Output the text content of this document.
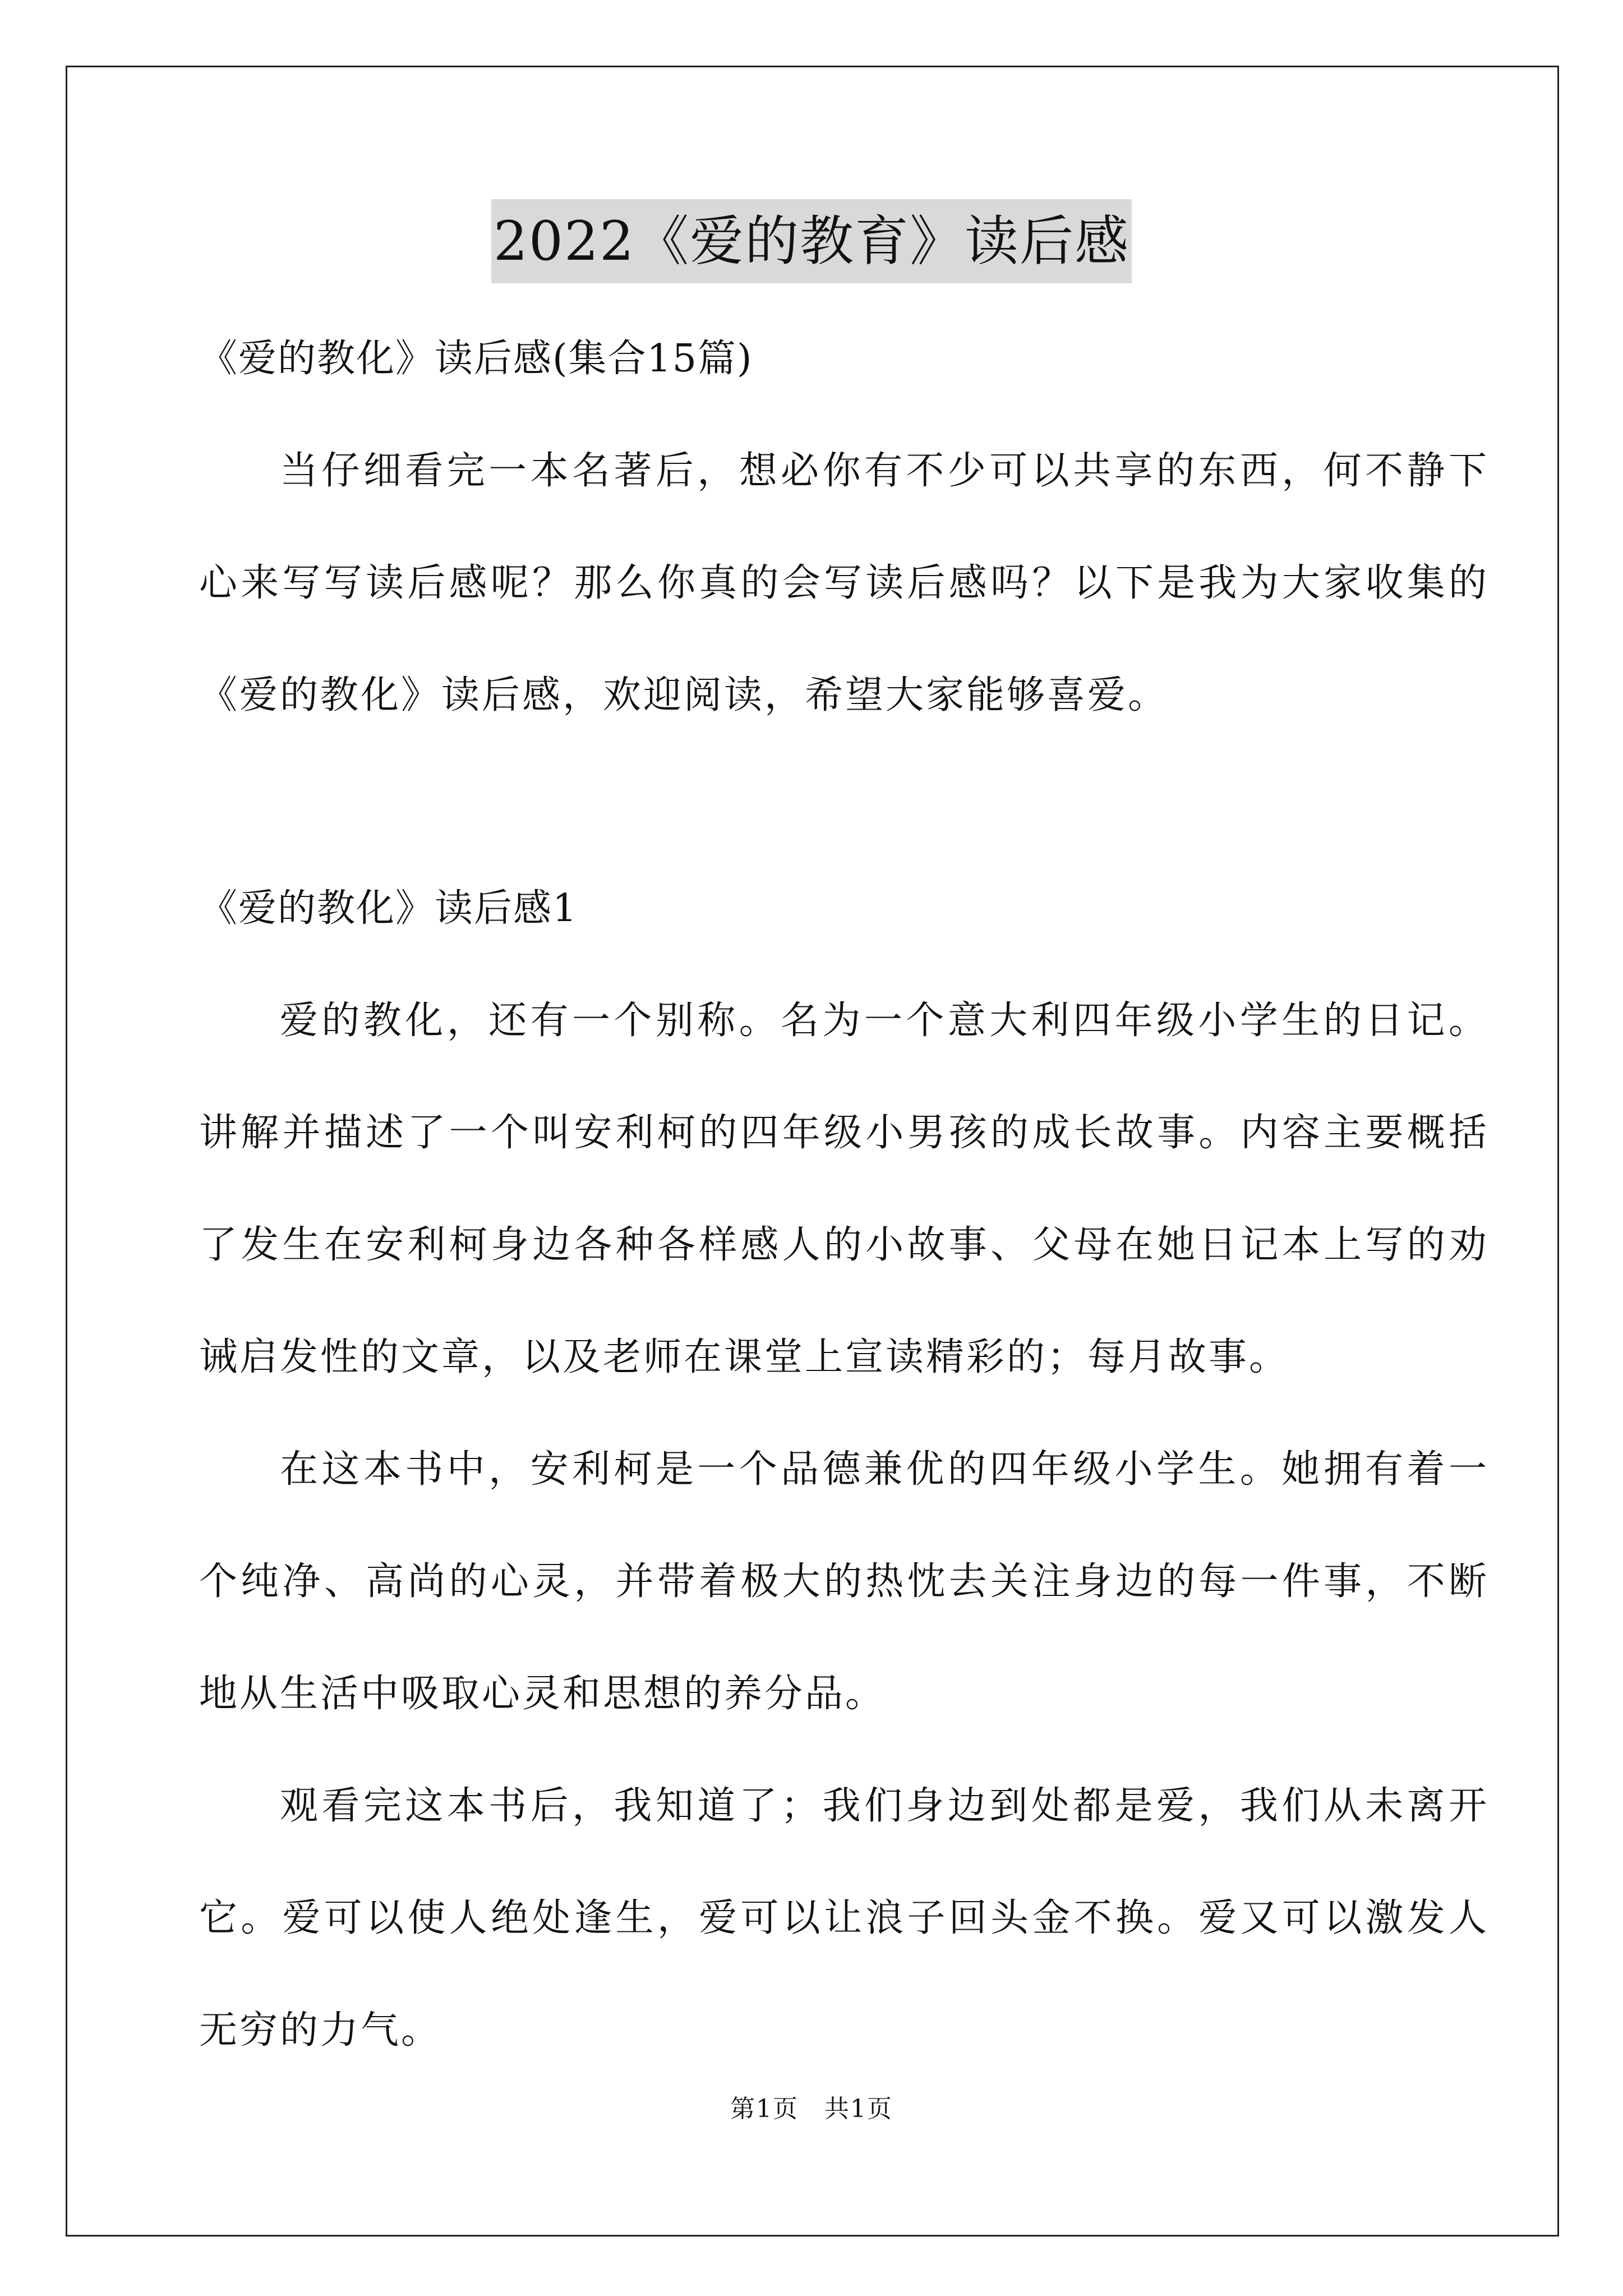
2022《爱的教育》读后感

《爱的教化》读后感(集合15篇)

当仔细看完一本名著后，想必你有不少可以共享的东西，何不静下心来写写读后感呢？那么你真的会写读后感吗？以下是我为大家收集的《爱的教化》读后感，欢迎阅读，希望大家能够喜爱。

《爱的教化》读后感1

爱的教化，还有一个别称。名为一个意大利四年级小学生的日记。讲解并描述了一个叫安利柯的四年级小男孩的成长故事。内容主要概括了发生在安利柯身边各种各样感人的小故事、父母在她日记本上写的劝诫启发性的文章，以及老师在课堂上宣读精彩的；每月故事。

在这本书中，安利柯是一个品德兼优的四年级小学生。她拥有着一个纯净、高尚的心灵，并带着极大的热忱去关注身边的每一件事，不断地从生活中吸取心灵和思想的养分品。

观看完这本书后，我知道了；我们身边到处都是爱，我们从未离开它。爱可以使人绝处逢生，爱可以让浪子回头金不换。爱又可以激发人无穷的力气。

第1页　共1页
